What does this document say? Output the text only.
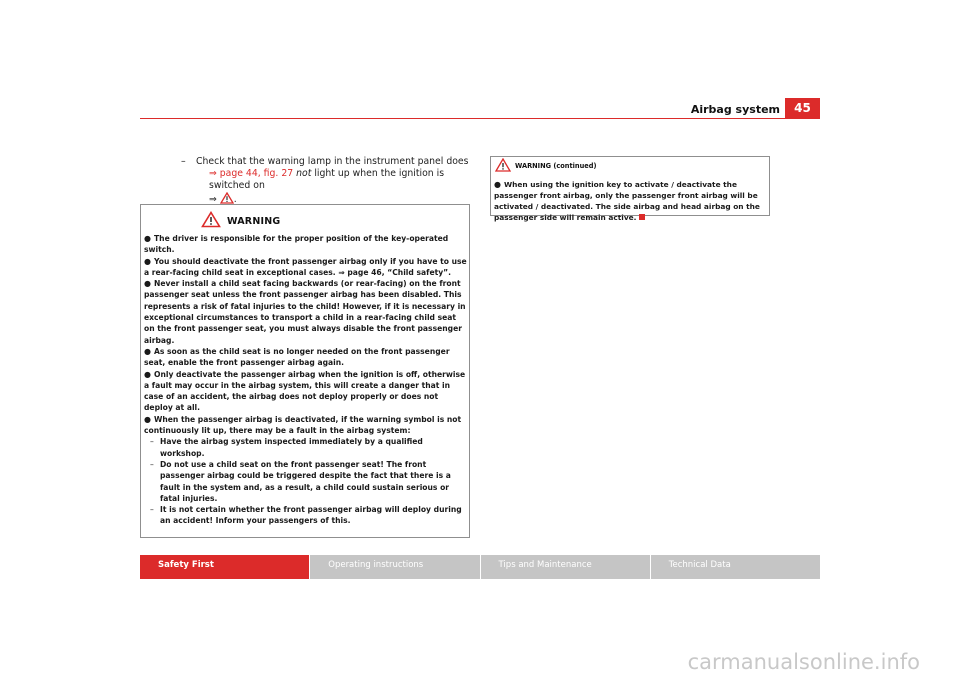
Airbag system	45
– Check that the warning lamp in the instrument panel does
⇒ page 44, fig. 27 not light up when the ignition is switched on
⇒ .
WARNING

● The driver is responsible for the proper position of the key-operated switch.

● You should deactivate the front passenger airbag only if you have to use a rear-facing child seat in exceptional cases. ⇒ page 46, “Child safety”.

● Never install a child seat facing backwards (or rear-facing) on the front passenger seat unless the front passenger airbag has been disabled. This represents a risk of fatal injuries to the child! However, if it is necessary in exceptional circumstances to transport a child in a rear-facing child seat on the front passenger seat, you must always disable the front passenger airbag.

● As soon as the child seat is no longer needed on the front passenger seat, enable the front passenger airbag again.

● Only deactivate the passenger airbag when the ignition is off, otherwise a fault may occur in the airbag system, this will create a danger that in case of an accident, the airbag does not deploy properly or does not deploy at all.

● When the passenger airbag is deactivated, if the warning symbol is not continuously lit up, there may be a fault in the airbag system:

– Have the airbag system inspected immediately by a qualified workshop.

– Do not use a child seat on the front passenger seat! The front passenger airbag could be triggered despite the fact that there is a fault in the system and, as a result, a child could sustain serious or fatal injuries.

– It is not certain whether the front passenger airbag will deploy during an accident! Inform your passengers of this.

WARNING (continued)
● When using the ignition key to activate / deactivate the passenger front airbag, only the passenger front airbag will be activated / deactivated. The side airbag and head airbag on the passenger side will remain active.
Safety First	Operating instructions	Tips and Maintenance	Technical Data
carmanualsonline.info
